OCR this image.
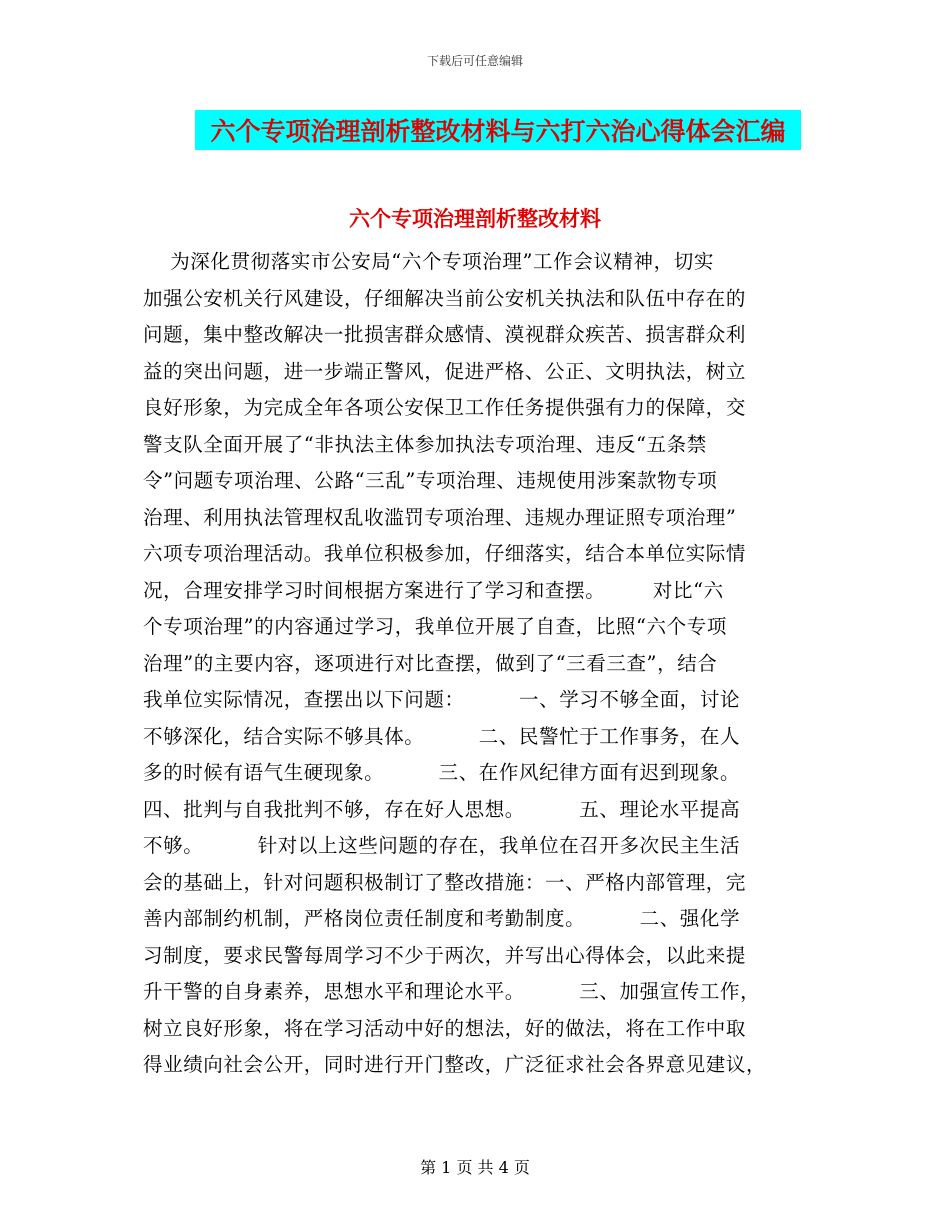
下载后可任意编辑
六个专项治理剖析整改材料与六打六治心得体会汇编
六个专项治理剖析整改材料
为深化贯彻落实市公安局“六个专项治理”工作会议精神，切实
加强公安机关行风建设，仔细解决当前公安机关执法和队伍中存在的
问题，集中整改解决一批损害群众感情、漠视群众疾苦、损害群众利
益的突出问题，进一步端正警风，促进严格、公正、文明执法，树立
良好形象，为完成全年各项公安保卫工作任务提供强有力的保障，交
警支队全面开展了“非执法主体参加执法专项治理、违反“五条禁
令”问题专项治理、公路“三乱”专项治理、违规使用涉案款物专项
治理、利用执法管理权乱收滥罚专项治理、违规办理证照专项治理”
六项专项治理活动。我单位积极参加，仔细落实，结合本单位实际情
况，合理安排学习时间根据方案进行了学习和查摆。       对比“六
个专项治理”的内容通过学习，我单位开展了自查，比照“六个专项
治理”的主要内容，逐项进行对比查摆，做到了“三看三查”，结合
我单位实际情况，查摆出以下问题：        一、学习不够全面，讨论
不够深化，结合实际不够具体。        二、民警忙于工作事务，在人
多的时候有语气生硬现象。        三、在作风纪律方面有迟到现象。
四、批判与自我批判不够，存在好人思想。        五、理论水平提高
不够。        针对以上这些问题的存在，我单位在召开多次民主生活
会的基础上，针对问题积极制订了整改措施：一、严格内部管理，完
善内部制约机制，严格岗位责任制度和考勤制度。        二、强化学
习制度，要求民警每周学习不少于两次，并写出心得体会，以此来提
升干警的自身素养，思想水平和理论水平。        三、加强宣传工作，
树立良好形象，将在学习活动中好的想法，好的做法，将在工作中取
得业绩向社会公开，同时进行开门整改，广泛征求社会各界意见建议，
第 1 页 共 4 页
